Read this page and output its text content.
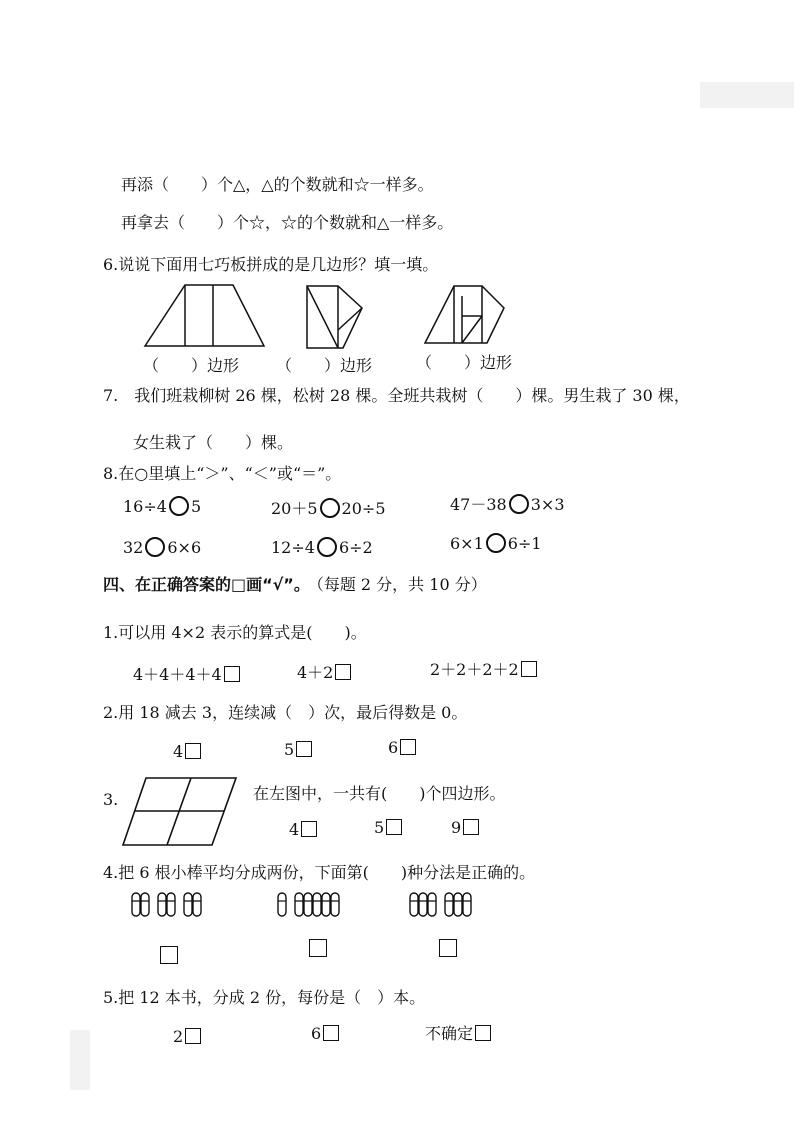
再添（　　）个△，△的个数就和☆一样多。
再拿去（　　）个☆，☆的个数就和△一样多。
6.说说下面用七巧板拼成的是几边形？填一填。
（　　）边形 （　　）边形	（　　）边形
7.　我们班栽柳树 26 棵，松树 28 棵。全班共栽树（　　）棵。男生栽了 30 棵，
女生栽了（　　）棵。
8.在○里填上“＞”、“＜”或“＝”。
16÷4 5	20＋5 20÷5	47－38 3×3
32 6×6	12÷4 6÷2	6×1 6÷1
四、在正确答案的□画“√”。 （每题 2 分，共 10 分）
1.可以用 4×2 表示的算式是(　　)。
4＋4＋4＋4	4＋2	2＋2＋2＋2
2.用 18 减去 3，连续减（　）次，最后得数是 0。
4	5	6
3.	在左图中，一共有(　　)个四边形。
4	5	9
4.把 6 根小棒平均分成两份，下面第(　　)种分法是正确的。
5.把 12 本书，分成 2 份，每份是（　）本。
2	6	不确定
